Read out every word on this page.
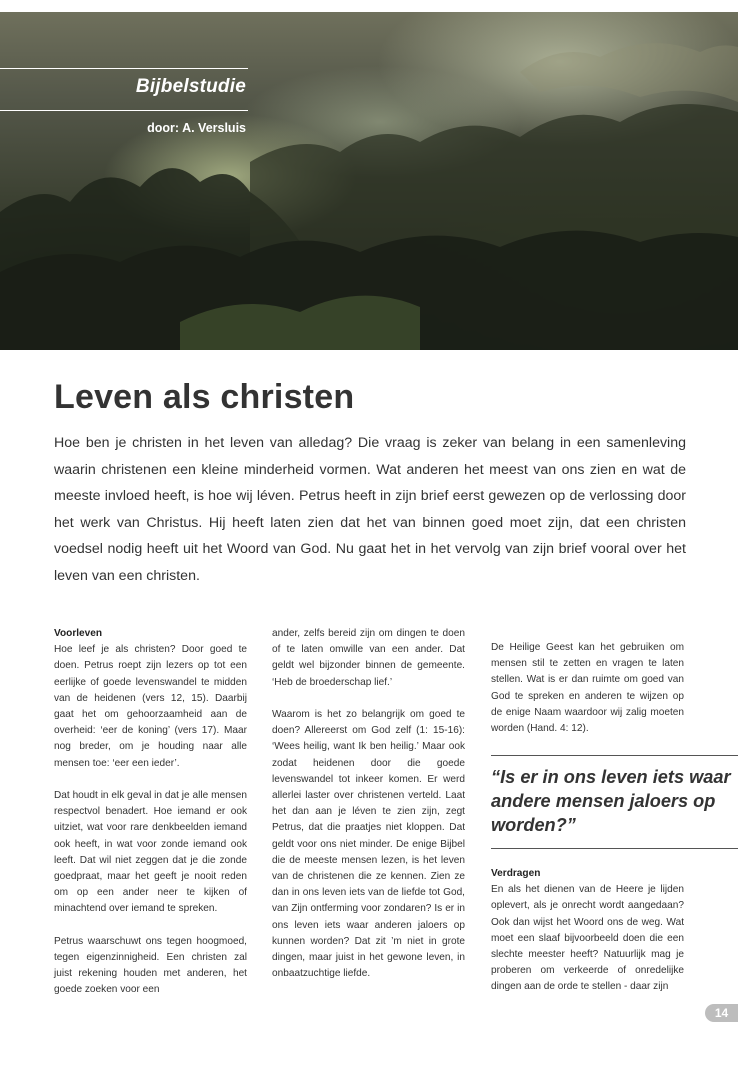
Bijbelstudie
door: A. Versluis
Leven als christen

Hoe ben je christen in het leven van alledag? Die vraag is zeker van belang in een samenleving waarin christenen een kleine minderheid vormen. Wat anderen het meest van ons zien en wat de meeste invloed heeft, is hoe wij léven. Petrus heeft in zijn brief eerst gewezen op de verlossing door het werk van Christus. Hij heeft laten zien dat het van binnen goed moet zijn, dat een christen voedsel nodig heeft uit het Woord van God. Nu gaat het in het vervolg van zijn brief vooral over het leven van een christen.

Voorleven

Hoe leef je als christen? Door goed te doen. Petrus roept zijn lezers op tot een eerlijke of goede levenswandel te midden van de heidenen (vers 12, 15). Daarbij gaat het om gehoorzaamheid aan de overheid: ‘eer de koning’ (vers 17). Maar nog breder, om je houding naar alle mensen toe: ‘eer een ieder’.

Dat houdt in elk geval in dat je alle mensen respectvol benadert. Hoe iemand er ook uitziet, wat voor rare denkbeelden iemand ook heeft, in wat voor zonde iemand ook leeft. Dat wil niet zeggen dat je die zonde goedpraat, maar het geeft je nooit reden om op een ander neer te kijken of minachtend over iemand te spreken.

Petrus waarschuwt ons tegen hoogmoed, tegen eigenzinnigheid. Een christen zal juist rekening houden met anderen, het goede zoeken voor een

ander, zelfs bereid zijn om dingen te doen of te laten omwille van een ander. Dat geldt wel bijzonder binnen de gemeente. ‘Heb de broederschap lief.’

Waarom is het zo belangrijk om goed te doen? Allereerst om God zelf (1: 15-16): ‘Wees heilig, want Ik ben heilig.’ Maar ook zodat heidenen door die goede levenswandel tot inkeer komen. Er werd allerlei laster over christenen verteld. Laat het dan aan je léven te zien zijn, zegt Petrus, dat die praatjes niet kloppen. Dat geldt voor ons niet minder. De enige Bijbel die de meeste mensen lezen, is het leven van de christenen die ze kennen. Zien ze dan in ons leven iets van de liefde tot God, van Zijn ontferming voor zondaren? Is er in ons leven iets waar anderen jaloers op kunnen worden? Dat zit ’m niet in grote dingen, maar juist in het gewone leven, in onbaatzuchtige liefde.

De Heilige Geest kan het gebruiken om mensen stil te zetten en vragen te laten stellen. Wat is er dan ruimte om goed van God te spreken en anderen te wijzen op de enige Naam waardoor wij zalig moeten worden (Hand. 4: 12).

“Is er in ons leven iets waar andere mensen jaloers op worden?”
Verdragen

En als het dienen van de Heere je lijden oplevert, als je onrecht wordt aangedaan? Ook dan wijst het Woord ons de weg. Wat moet een slaaf bijvoorbeeld doen die een slechte meester heeft? Natuurlijk mag je proberen om verkeerde of onredelijke dingen aan de orde te stellen - daar zijn

14
